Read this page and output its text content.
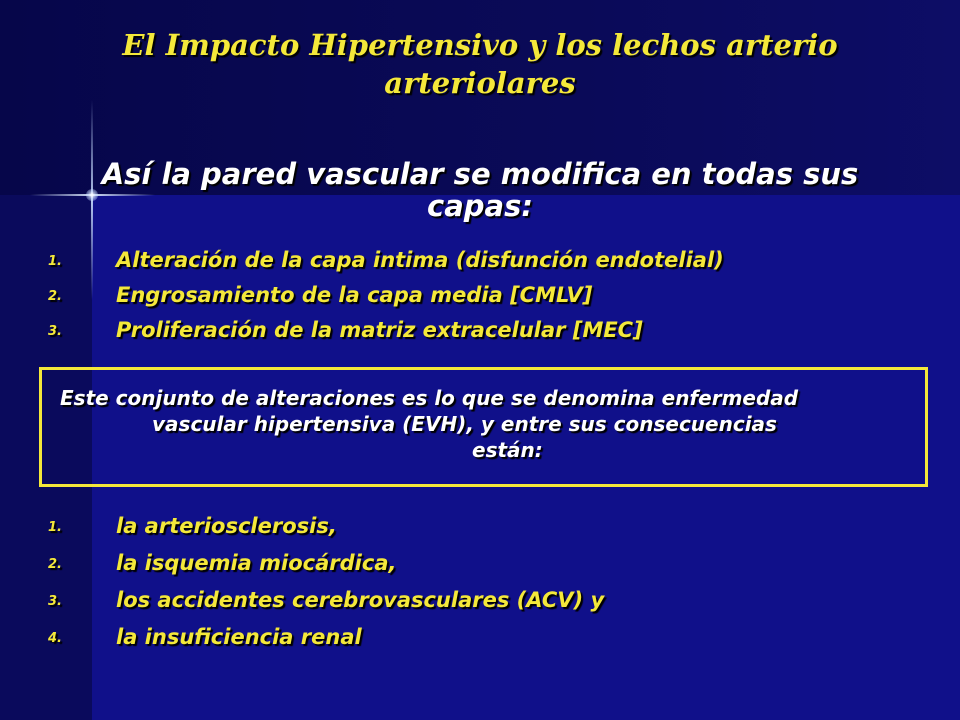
El Impacto Hipertensivo y los lechos arterio
arteriolares
Así la pared vascular se modifica en todas sus
capas:
1.	Alteración de la capa intima (disfunción endotelial)
2.	Engrosamiento de la capa media [CMLV]
3.	Proliferación de la matriz extracelular [MEC]
Este conjunto de alteraciones es lo que se denomina enfermedad
vascular hipertensiva (EVH), y entre sus consecuencias
están:
1.	la arteriosclerosis,
2.	la isquemia miocárdica,
3.	los accidentes cerebrovasculares (ACV) y
4.	la insuficiencia renal
